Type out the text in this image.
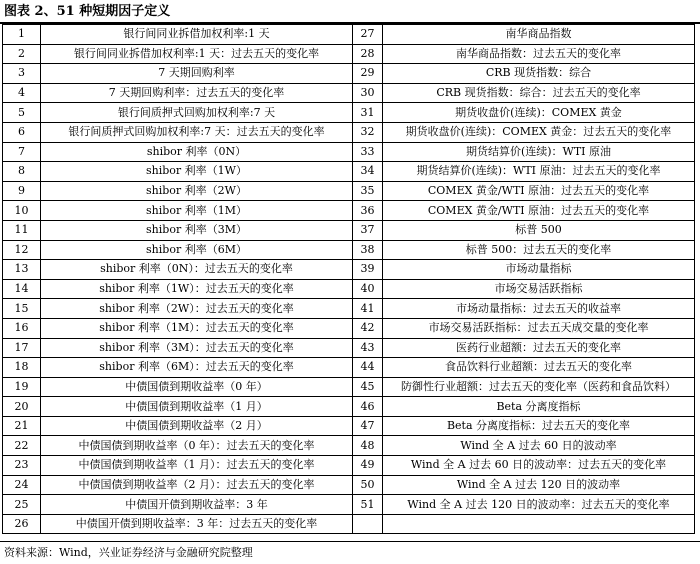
图表 2、51 种短期因子定义
1	银行间同业拆借加权利率:1 天	27	南华商品指数
2	银行间同业拆借加权利率:1 天：过去五天的变化率	28	南华商品指数：过去五天的变化率
3	7 天期回购利率	29	CRB 现货指数：综合
4	7 天期回购利率：过去五天的变化率	30	CRB 现货指数：综合：过去五天的变化率
5	银行间质押式回购加权利率:7 天	31	期货收盘价(连续)：COMEX 黄金
6	银行间质押式回购加权利率:7 天：过去五天的变化率	32	期货收盘价(连续)：COMEX 黄金：过去五天的变化率
7	shibor 利率（0N）	33	期货结算价(连续)：WTI 原油
8	shibor 利率（1W）	34	期货结算价(连续)：WTI 原油：过去五天的变化率
9	shibor 利率（2W）	35	COMEX 黄金/WTI 原油：过去五天的变化率
10	shibor 利率（1M）	36	COMEX 黄金/WTI 原油：过去五天的变化率
11	shibor 利率（3M）	37	标普 500
12	shibor 利率（6M）	38	标普 500：过去五天的变化率
13	shibor 利率（0N）：过去五天的变化率	39	市场动量指标
14	shibor 利率（1W）：过去五天的变化率	40	市场交易活跃指标
15	shibor 利率（2W）：过去五天的变化率	41	市场动量指标：过去五天的收益率
16	shibor 利率（1M）：过去五天的变化率	42	市场交易活跃指标：过去五天成交量的变化率
17	shibor 利率（3M）：过去五天的变化率	43	医药行业超额：过去五天的变化率
18	shibor 利率（6M）：过去五天的变化率	44	食品饮料行业超额：过去五天的变化率
19	中债国债到期收益率（0 年）	45	防御性行业超额：过去五天的变化率（医药和食品饮料）
20	中债国债到期收益率（1 月）	46	Beta 分离度指标
21	中债国债到期收益率（2 月）	47	Beta 分离度指标：过去五天的变化率
22	中债国债到期收益率（0 年）：过去五天的变化率	48	Wind 全 A 过去 60 日的波动率
23	中债国债到期收益率（1 月）：过去五天的变化率	49	Wind 全 A 过去 60 日的波动率：过去五天的变化率
24	中债国债到期收益率（2 月）：过去五天的变化率	50	Wind 全 A 过去 120 日的波动率
25	中债国开债到期收益率：3 年	51	Wind 全 A 过去 120 日的波动率：过去五天的变化率
26	中债国开债到期收益率：3 年：过去五天的变化率		
资料来源：Wind，兴业证券经济与金融研究院整理
